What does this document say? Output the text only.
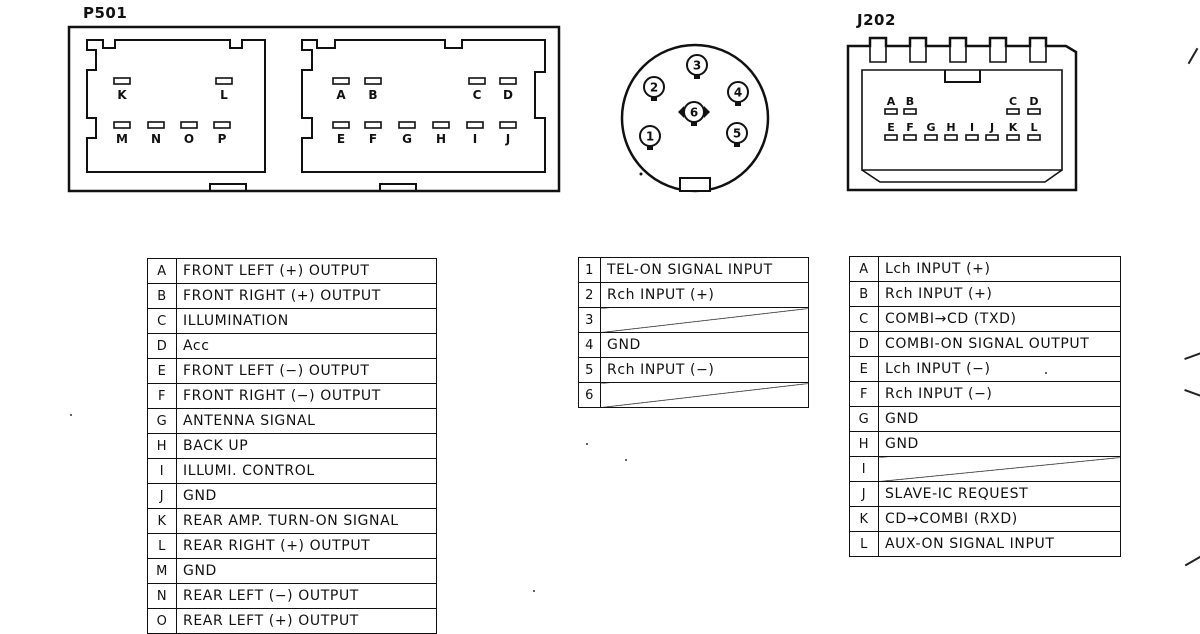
P501
K	L	A B	C D
M N O P	E F G H I J	1
2
3
4
5
6
J202
A B	C D
E F G H I J K L
A	FRONT LEFT (+) OUTPUT
B	FRONT RIGHT (+) OUTPUT
C	ILLUMINATION
D	Acc
E	FRONT LEFT (−) OUTPUT
F	FRONT RIGHT (−) OUTPUT
G	ANTENNA SIGNAL
H	BACK UP
I	ILLUMI. CONTROL
J	GND
K	REAR AMP. TURN-ON SIGNAL
L	REAR RIGHT (+) OUTPUT
M	GND
N	REAR LEFT (−) OUTPUT
O	REAR LEFT (+) OUTPUT
1	TEL-ON SIGNAL INPUT
2	Rch INPUT (+)
3	
4	GND
5	Rch INPUT (−)
6	
A	Lch INPUT (+)
B	Rch INPUT (+)
C	COMBI→CD (TXD)
D	COMBI-ON SIGNAL OUTPUT
E	Lch INPUT (−)
F	Rch INPUT (−)
G	GND
H	GND
I	
J	SLAVE-IC REQUEST
K	CD→COMBI (RXD)
L	AUX-ON SIGNAL INPUT
